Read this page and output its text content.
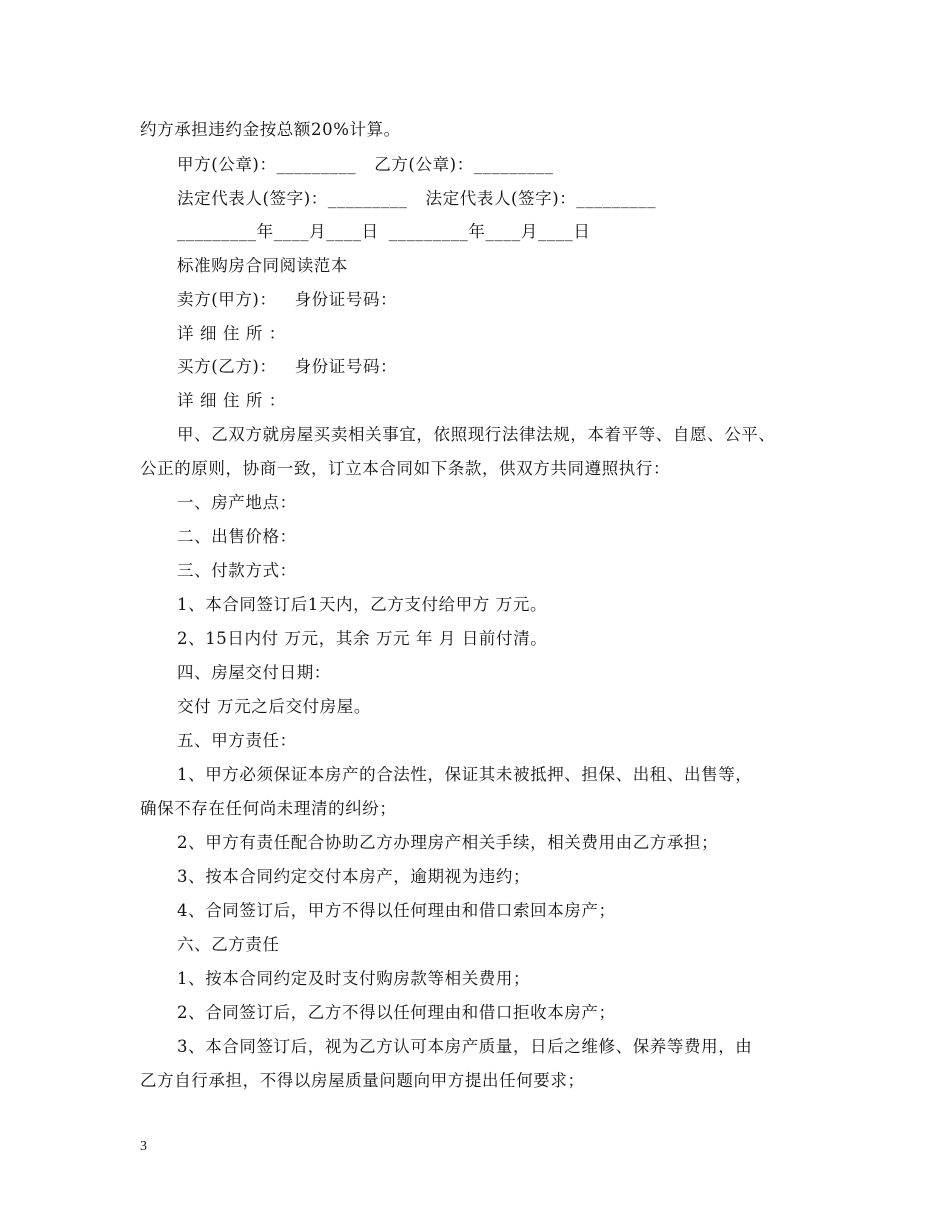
约方承担违约金按总额20%计算。
甲方(公章)：_________ 乙方(公章)：_________
法定代表人(签字)：_________ 法定代表人(签字)：_________
_________年____月____日 _________年____月____日
标准购房合同阅读范本
卖方(甲方)： 身份证号码：
详 细 住 所 ：
买方(乙方)： 身份证号码：
详 细 住 所 ：
甲、乙双方就房屋买卖相关事宜，依照现行法律法规，本着平等、自愿、公平、
公正的原则，协商一致，订立本合同如下条款，供双方共同遵照执行：
一、房产地点：
二、出售价格：
三、付款方式：
1、本合同签订后1天内，乙方支付给甲方 万元。
2、15日内付 万元，其余 万元 年 月 日前付清。
四、房屋交付日期：
交付 万元之后交付房屋。
五、甲方责任：
1、甲方必须保证本房产的合法性，保证其未被抵押、担保、出租、出售等，
确保不存在任何尚未理清的纠纷；
2、甲方有责任配合协助乙方办理房产相关手续，相关费用由乙方承担；
3、按本合同约定交付本房产，逾期视为违约；
4、合同签订后，甲方不得以任何理由和借口索回本房产；
六、乙方责任
1、按本合同约定及时支付购房款等相关费用；
2、合同签订后，乙方不得以任何理由和借口拒收本房产；
3、本合同签订后，视为乙方认可本房产质量，日后之维修、保养等费用，由
乙方自行承担，不得以房屋质量问题向甲方提出任何要求；
3
